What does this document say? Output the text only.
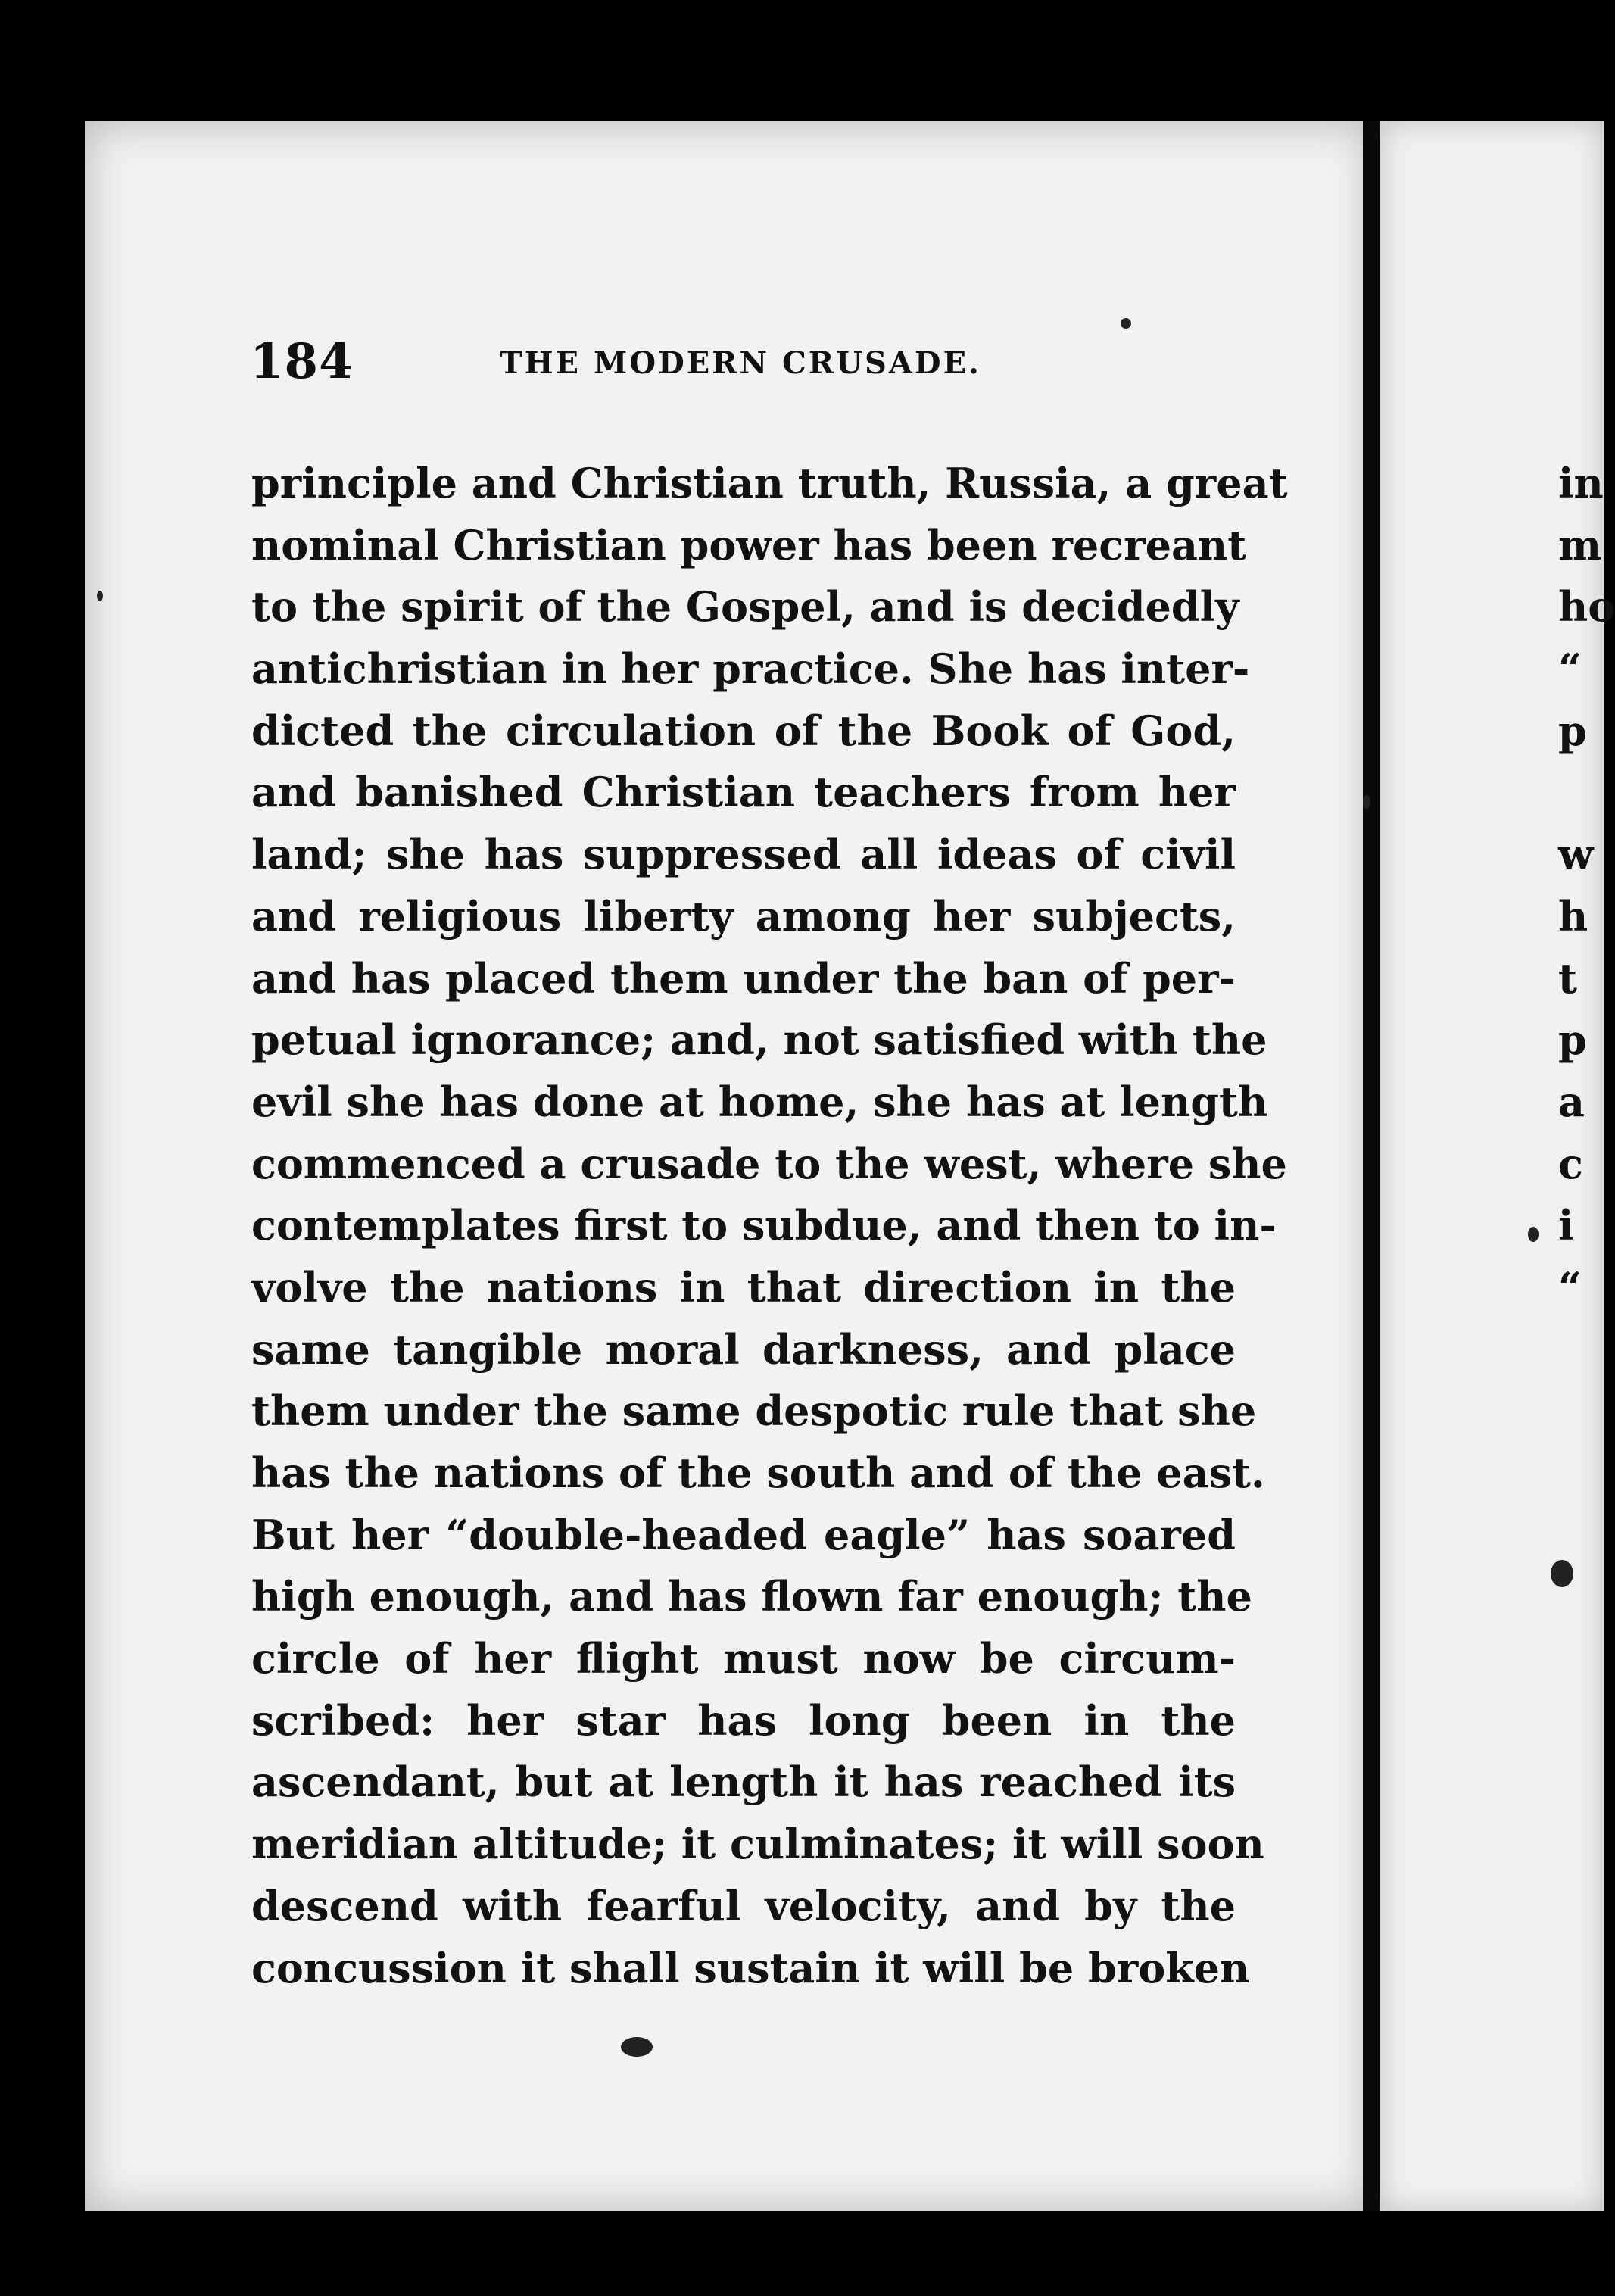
184	THE MODERN CRUSADE.
principle and Christian truth, Russia, a great
nominal Christian power has been recreant
to the spirit of the Gospel, and is decidedly
antichristian in her practice. She has inter-
dicted the circulation of the Book of God,
and banished Christian teachers from her
land; she has suppressed all ideas of civil
and religious liberty among her subjects,
and has placed them under the ban of per-
petual ignorance; and, not satisfied with the
evil she has done at home, she has at length
commenced a crusade to the west, where she
contemplates first to subdue, and then to in-
volve the nations in that direction in the
same tangible moral darkness, and place
them under the same despotic rule that she
has the nations of the south and of the east.
But her “double-headed eagle” has soared
high enough, and has flown far enough; the
circle of her flight must now be circum-
scribed: her star has long been in the
ascendant, but at length it has reached its
meridian altitude; it culminates; it will soon
descend with fearful velocity, and by the
concussion it shall sustain it will be broken
in
m
ho
“
p
w
h
t
p
a
c
i
“
